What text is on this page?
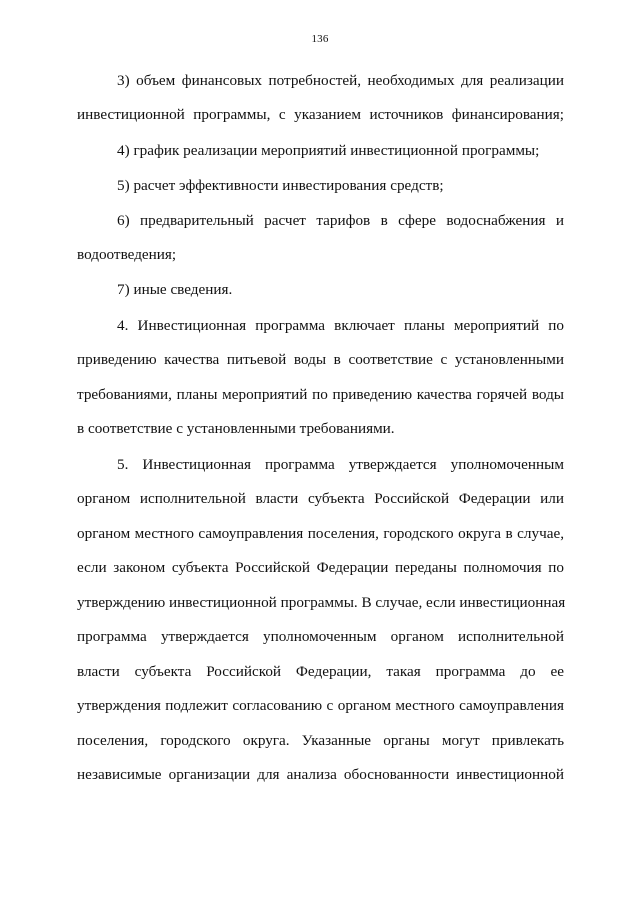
136
3) объем финансовых потребностей, необходимых для реализации
инвестиционной программы, с указанием источников финансирования;
4) график реализации мероприятий инвестиционной программы;
5) расчет эффективности инвестирования средств;
6) предварительный расчет тарифов в сфере водоснабжения и
водоотведения;
7) иные сведения.
4. Инвестиционная программа включает планы мероприятий по
приведению качества питьевой воды в соответствие с установленными
требованиями, планы мероприятий по приведению качества горячей воды
в соответствие с установленными требованиями.
5. Инвестиционная программа утверждается уполномоченным
органом исполнительной власти субъекта Российской Федерации или
органом местного самоуправления поселения, городского округа в случае,
если законом субъекта Российской Федерации переданы полномочия по
утверждению инвестиционной программы. В случае, если инвестиционная
программа утверждается уполномоченным органом исполнительной
власти субъекта Российской Федерации, такая программа до ее
утверждения подлежит согласованию с органом местного самоуправления
поселения, городского округа. Указанные органы могут привлекать
независимые организации для анализа обоснованности инвестиционной
